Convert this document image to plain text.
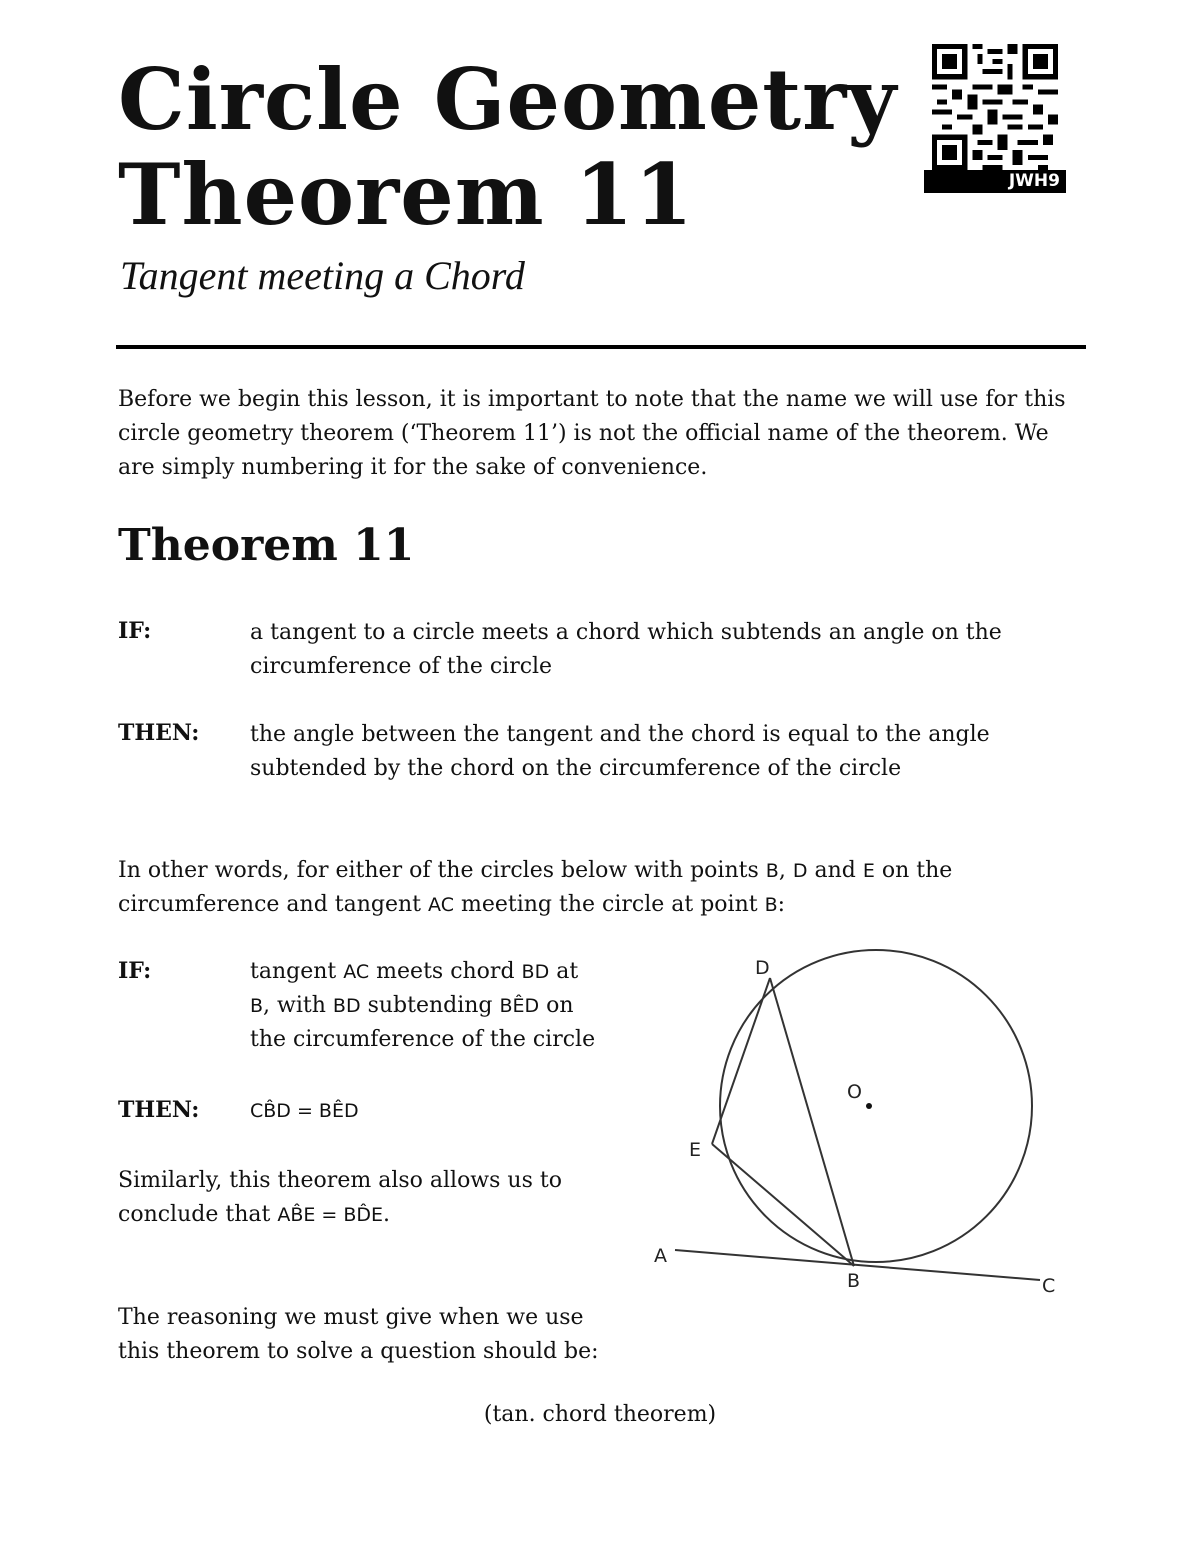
Circle Geometry
Theorem 11
Tangent meeting a Chord
JWH9
Before we begin this lesson, it is important to note that the name we will use for this circle geometry theorem (‘Theorem 11’) is not the official name of the theorem. We are simply numbering it for the sake of convenience.
Theorem 11
IF:	a tangent to a circle meets a chord which subtends an angle on the circumference of the circle
THEN: the angle between the tangent and the chord is equal to the angle subtended by the chord on the circumference of the circle
In other words, for either of the circles below with points B, D and E on the circumference and tangent AC meeting the circle at point B:
IF:	tangent AC meets chord BD at
B, with BD subtending BÊD on
the circumference of the circle
THEN:	CB̂D = BÊD
Similarly, this theorem also allows us to
conclude that AB̂E = BD̂E.
The reasoning we must give when we use
this theorem to solve a question should be:
(tan. chord theorem)
D
O
E
A
B	C
